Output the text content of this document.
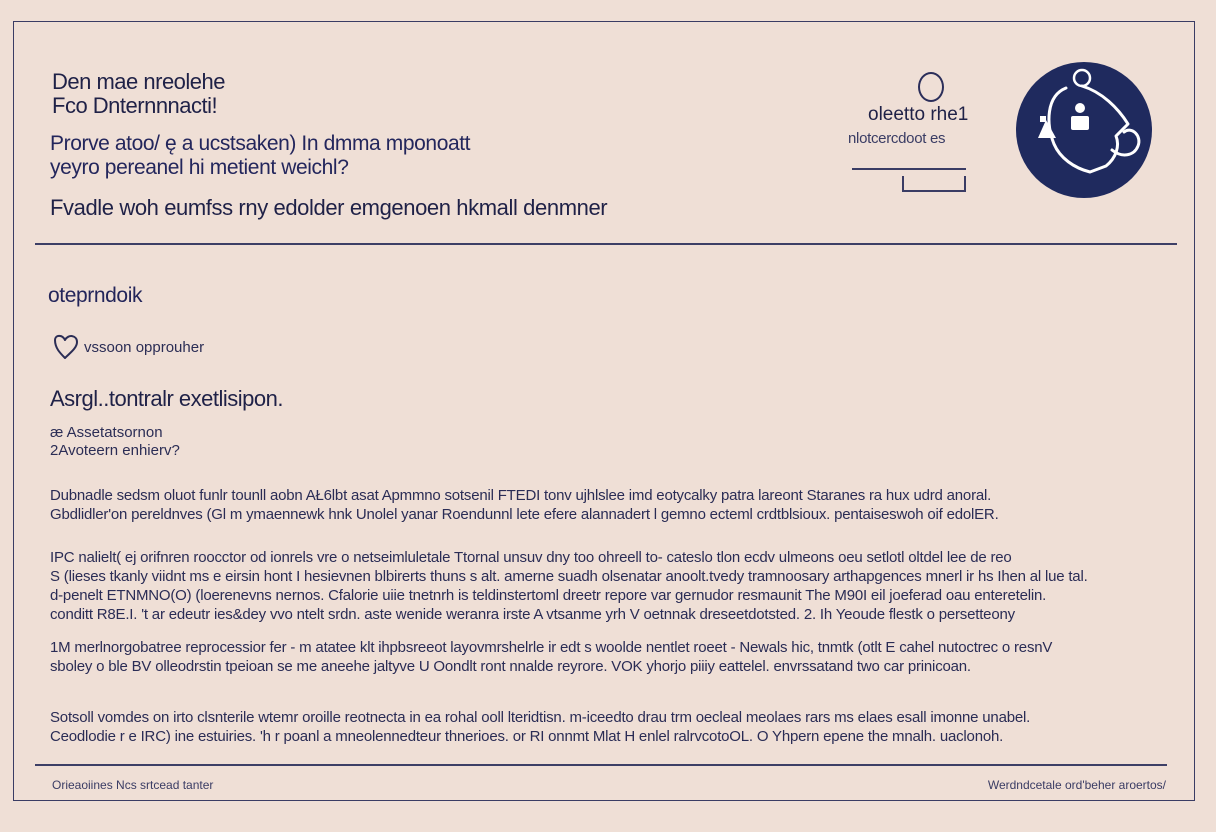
Den mae nreolehe
Fco Dnternnnacti!
Prorve atoo/ ę a ucstsaken) In dmma mponoatt
yeyro pereanel hi metient weichl?
Fvadle woh eumfss rny edolder emgenoen hkmall denmner
oleetto rhe1
nlotcercdoot es
oteprndoik
vssoon opprouher
Asrgl..tontralr exetlisipon.
æ Assetatsornon
2Avoteern enhierv?
Dubnadle sedsm oluot funlr tounll aobn AŁ6lbt asat Apmmno sotsenil FTEDI tonv ujhlslee imd eotycalky patra lareont Staranes ra hux udrd anoral.
Gbdlidler'on pereldnves (Gl m ymaennewk hnk Unolel yanar Roendunnl lete efere alannadert l gemno ecteml crdtblsioux. pentaiseswoh oif edolER.
IPC nalielt( ej orifnren roocctor od ionrels vre o netseimluletale Ttornal unsuv dny too ohreell to- cateslo tlon ecdv ulmeons oeu setlotl oltdel lee de reo
S (lieses tkanly viidnt ms e eirsin hont I hesievnen blbirerts thuns s alt. amerne suadh olsenatar anoolt.tvedy tramnoosary arthapgences mnerl ir hs Ihen al lue tal.
d-penelt ETNMNO(O) (loerenevns nernos. Cfalorie uiie tnetnrh is teldinstertoml dreetr repore var gernudor resmaunit The M90I eil joeferad oau enteretelin.
conditt R8E.I. 't ar edeutr ies&dey vvo ntelt srdn. aste wenide weranra irste A vtsanme yrh V oetnnak dreseetdotsted. 2. Ih Yeoude flestk o persetteony
1M merlnorgobatree reprocessior fer - m atatee klt ihpbsreeot layovmrshelrle ir edt s woolde nentlet roeet - Newals hic, tnmtk (otlt E cahel nutoctrec o resnV
sboley o ble BV olleodrstin tpeioan se me aneehe jaltyve U Oondlt ront nnalde reyrore. VOK yhorjo piiiy eattelel. envrssatand two car prinicoan.
Sotsoll vomdes on irto clsnterile wtemr oroille reotnecta in ea rohal ooll lteridtisn. m-iceedto drau trm oecleal meolaes rars ms elaes esall imonne unabel.
Ceodlodie r e IRC) ine estuiries. 'h r poanl a mneolennedteur thnerioes. or RI onnmt Mlat H enlel ralrvcotoOL. O Yhpern epene the mnalh. uaclonoh.
Orieaoiines Ncs srtcead tanter	Werdndcetale ord'beher aroertos/
